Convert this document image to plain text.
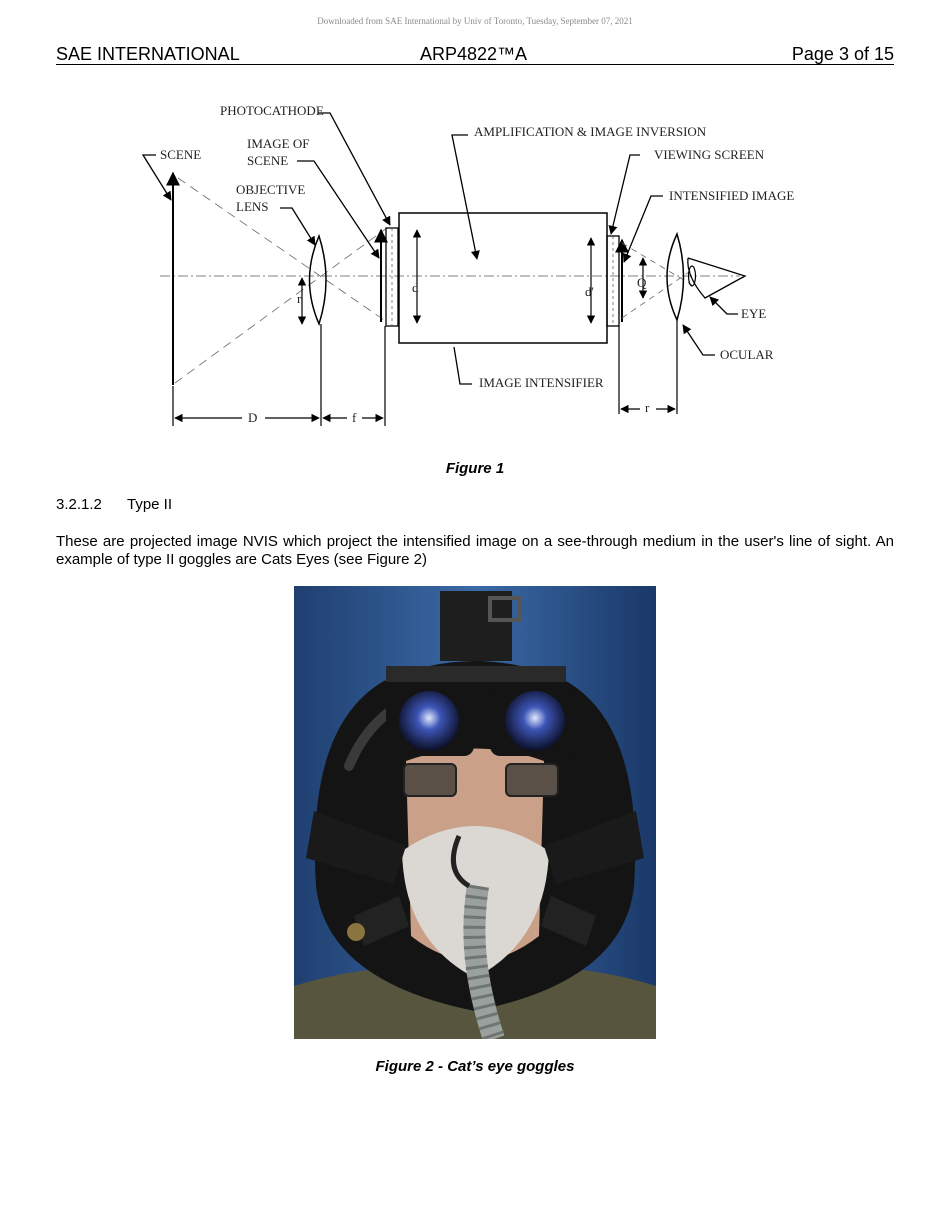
Downloaded from SAE International by Univ of Toronto, Tuesday, September 07, 2021
SAE INTERNATIONAL	ARP4822™A	Page 3 of 15
PHOTOCATHODE
AMPLIFICATION & IMAGE INVERSION
SCENE
IMAGE OF
SCENE	VIEWING SCREEN
OBJECTIVE
LENS
INTENSIFIED IMAGE
EYE
OCULAR
IMAGE INTENSIFIER
d	d'
r
Q
D	f
r
Figure 1
3.2.1.2 Type II
These are projected image NVIS which project the intensified image on a see-through medium in the user's line of sight. An example of type II goggles are Cats Eyes (see Figure 2)
Figure 2 - Cat’s eye goggles
